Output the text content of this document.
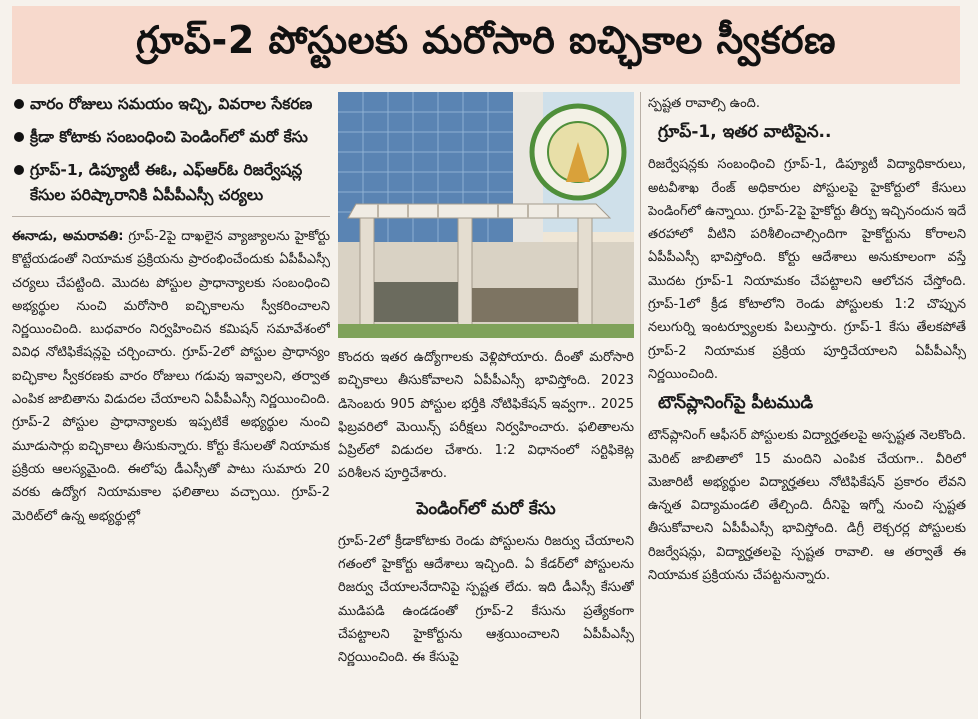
గ్రూప్-2 పోస్టులకు మరోసారి ఐచ్ఛికాల స్వీకరణ
వారం రోజులు సమయం ఇచ్చి, వివరాల సేకరణ
క్రీడా కోటాకు సంబంధించి పెండింగ్‌లో మరో కేసు
గ్రూప్-1, డిప్యూటీ ఈఓ, ఎఫ్ఆర్ఓ రిజర్వేషన్ల కేసుల పరిష్కారానికి ఏపీపీఎస్సీ చర్యలు

ఈనాడు, అమరావతి: గ్రూప్-2పై దాఖలైన వ్యాజ్యాలను హైకోర్టు కొట్టేయడంతో నియామక ప్రక్రియను ప్రారంభించేందుకు ఏపీపీఎస్సీ చర్యలు చేపట్టింది. మొదట పోస్టుల ప్రాధాన్యాలకు సంబంధించి అభ్యర్థుల నుంచి మరోసారి ఐచ్ఛికాలను స్వీకరించాలని నిర్ణయించింది. బుధవారం నిర్వహించిన కమిషన్ సమావేశంలో వివిధ నోటిఫికేషన్లపై చర్చించారు. గ్రూప్-2లో పోస్టుల ప్రాధాన్యం ఐచ్ఛికాల స్వీకరణకు వారం రోజులు గడువు ఇవ్వాలని, తర్వాత ఎంపిక జాబితాను విడుదల చేయాలని ఏపీపీఎస్సీ నిర్ణయించింది. గ్రూప్-2 పోస్టుల ప్రాధాన్యాలకు ఇప్పటికే అభ్యర్థుల నుంచి మూడుసార్లు ఐచ్ఛికాలు తీసుకున్నారు. కోర్టు కేసులతో నియామక ప్రక్రియ ఆలస్యమైంది. ఈలోపు డీఎస్సీతో పాటు సుమారు 20 వరకు ఉద్యోగ నియామకాల ఫలితాలు వచ్చాయి. గ్రూప్-2 మెరిట్‌లో ఉన్న అభ్యర్థుల్లో

కొందరు ఇతర ఉద్యోగాలకు వెళ్లిపోయారు. దీంతో మరోసారి ఐచ్ఛికాలు తీసుకోవాలని ఏపీపీఎస్సీ భావిస్తోంది. 2023 డిసెంబరు 905 పోస్టుల భర్తీకి నోటిఫికేషన్ ఇవ్వగా.. 2025 ఫిబ్రవరిలో మెయిన్స్ పరీక్షలు నిర్వహించారు. ఫలితాలను ఏప్రిల్‌లో విడుదల చేశారు. 1:2 విధానంలో సర్టిఫికెట్ల పరిశీలన పూర్తిచేశారు.

పెండింగ్‌లో మరో కేసు

గ్రూప్-2లో క్రీడాకోటాకు రెండు పోస్టులను రిజర్వు చేయాలని గతంలో హైకోర్టు ఆదేశాలు ఇచ్చింది. ఏ కేడర్‌లో పోస్టులను రిజర్వు చేయాలనేదానిపై స్పష్టత లేదు. ఇది డీఎస్సీ కేసుతో ముడిపడి ఉండడంతో గ్రూప్-2 కేసును ప్రత్యేకంగా చేపట్టాలని హైకోర్టును ఆశ్రయించాలని ఏపీపీఎస్సీ నిర్ణయించింది. ఈ కేసుపై

స్పష్టత రావాల్సి ఉంది.

గ్రూప్-1, ఇతర వాటిపైన..

రిజర్వేషన్లకు సంబంధించి గ్రూప్-1, డిప్యూటీ విద్యాధికారులు, అటవీశాఖ రేంజ్ అధికారుల పోస్టులపై హైకోర్టులో కేసులు పెండింగ్‌లో ఉన్నాయి. గ్రూప్-2పై హైకోర్టు తీర్పు ఇచ్చినందున ఇదే తరహాలో వీటిని పరిశీలించాల్సిందిగా హైకోర్టును కోరాలని ఏపీపీఎస్సీ భావిస్తోంది. కోర్టు ఆదేశాలు అనుకూలంగా వస్తే మొదట గ్రూప్-1 నియామకం చేపట్టాలని ఆలోచన చేస్తోంది. గ్రూప్-1లో క్రీడ కోటాలోని రెండు పోస్టులకు 1:2 చొప్పున నలుగుర్ని ఇంటర్వ్యూలకు పిలుస్తారు. గ్రూప్-1 కేసు తేలకపోతే గ్రూప్-2 నియామక ప్రక్రియ పూర్తిచేయాలని ఏపీపీఎస్సీ నిర్ణయించింది.

టౌన్‌ప్లానింగ్‌పై పీటముడి

టౌన్‌ప్లానింగ్ ఆఫీసర్ పోస్టులకు విద్యార్హతలపై అస్పష్టత నెలకొంది. మెరిట్ జాబితాలో 15 మందిని ఎంపిక చేయగా.. వీరిలో మెజారిటీ అభ్యర్థుల విద్యార్హతలు నోటిఫికేషన్ ప్రకారం లేవని ఉన్నత విద్యామండలి తేల్చింది. దీనిపై ఇగ్నో నుంచి స్పష్టత తీసుకోవాలని ఏపీపీఎస్సీ భావిస్తోంది. డిగ్రీ లెక్చరర్ల పోస్టులకు రిజర్వేషన్లు, విద్యార్హతలపై స్పష్టత రావాలి. ఆ తర్వాతే ఈ నియామక ప్రక్రియను చేపట్టనున్నారు.
